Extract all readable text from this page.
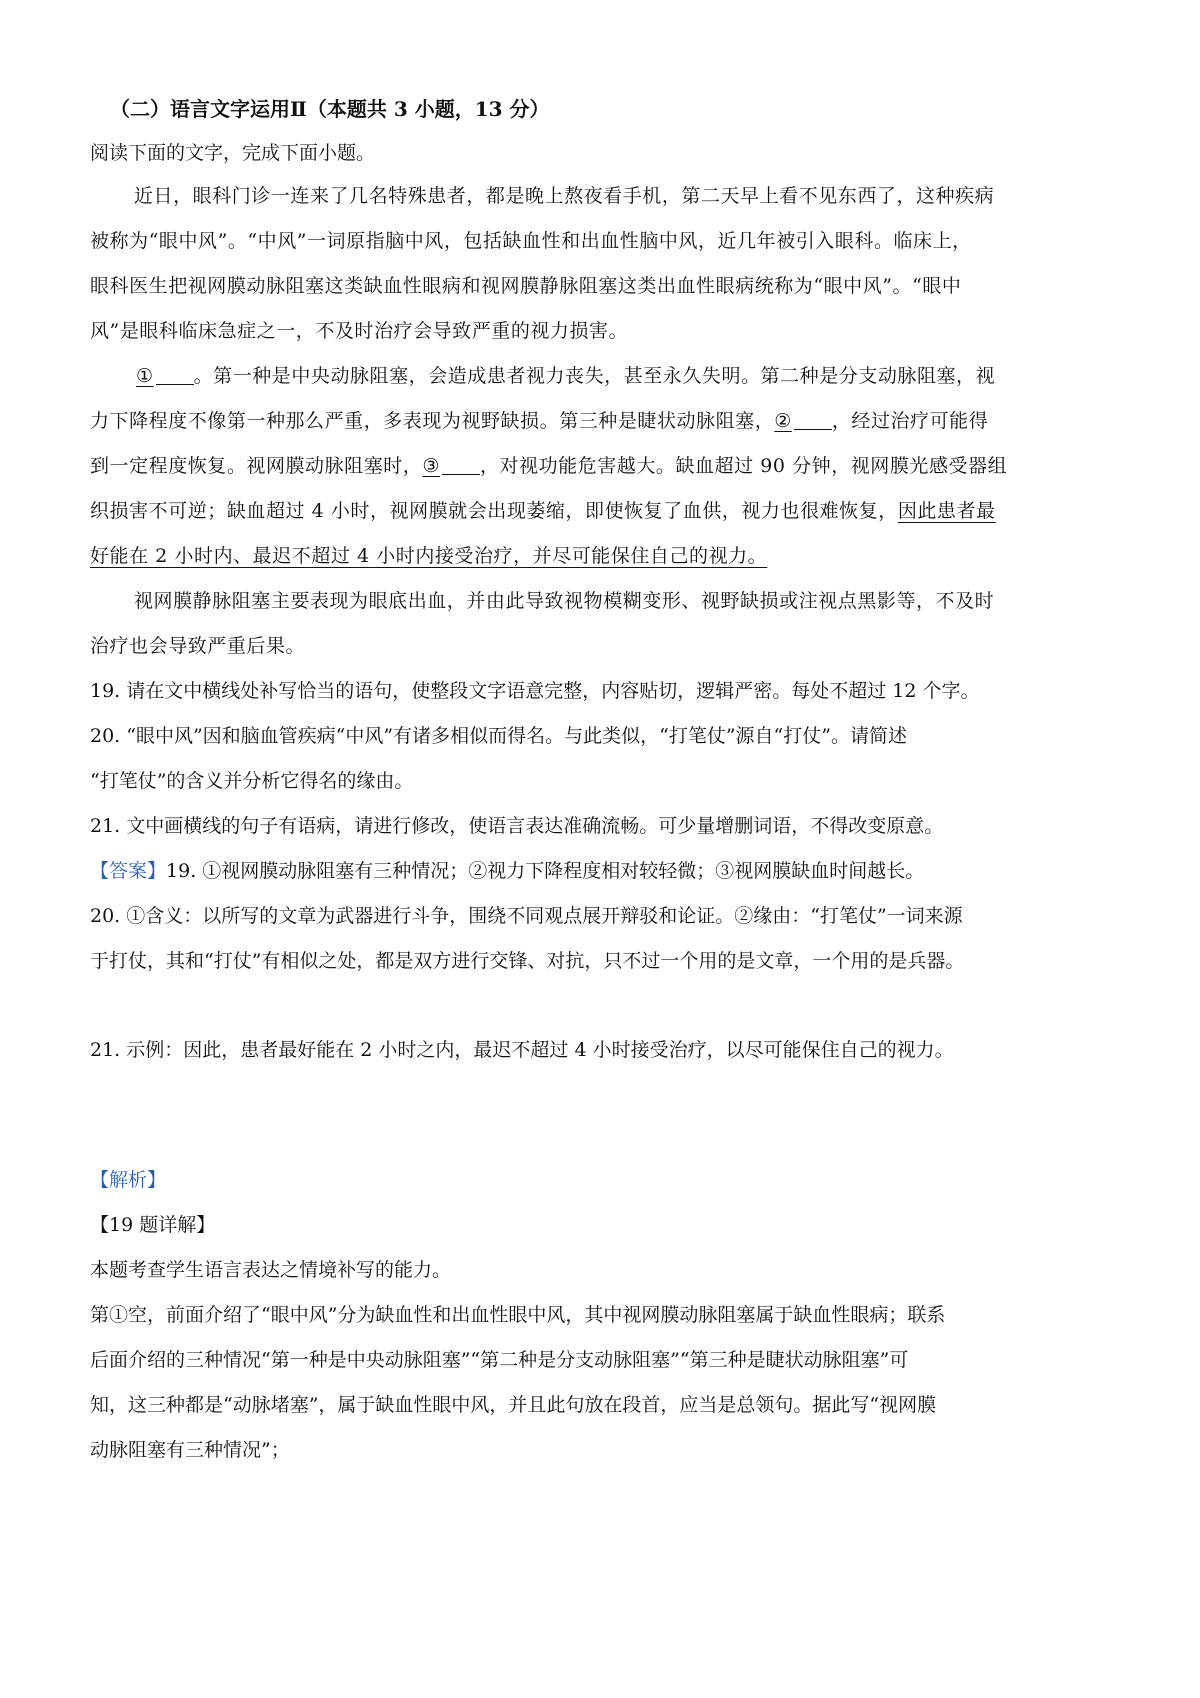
（二）语言文字运用Ⅱ（本题共 3 小题，13 分）
阅读下面的文字，完成下面小题。
近日，眼科门诊一连来了几名特殊患者，都是晚上熬夜看手机，第二天早上看不见东西了，这种疾病
被称为“眼中风”。“中风”一词原指脑中风，包括缺血性和出血性脑中风，近几年被引入眼科。临床上，
眼科医生把视网膜动脉阻塞这类缺血性眼病和视网膜静脉阻塞这类出血性眼病统称为“眼中风”。“眼中
风”是眼科临床急症之一，不及时治疗会导致严重的视力损害。
① 。第一种是中央动脉阻塞，会造成患者视力丧失，甚至永久失明。第二种是分支动脉阻塞，视
力下降程度不像第一种那么严重，多表现为视野缺损。第三种是睫状动脉阻塞，② ，经过治疗可能得
到一定程度恢复。视网膜动脉阻塞时，③ ，对视功能危害越大。缺血超过 90 分钟，视网膜光感受器组
织损害不可逆；缺血超过 4 小时，视网膜就会出现萎缩，即使恢复了血供，视力也很难恢复，因此患者最
好能在 2 小时内、最迟不超过 4 小时内接受治疗，并尽可能保住自己的视力。
视网膜静脉阻塞主要表现为眼底出血，并由此导致视物模糊变形、视野缺损或注视点黑影等，不及时
治疗也会导致严重后果。
19. 请在文中横线处补写恰当的语句，使整段文字语意完整，内容贴切，逻辑严密。每处不超过 12 个字。
20. “眼中风”因和脑血管疾病“中风”有诸多相似而得名。与此类似，“打笔仗”源自“打仗”。请简述
“打笔仗”的含义并分析它得名的缘由。
21. 文中画横线的句子有语病，请进行修改，使语言表达准确流畅。可少量增删词语，不得改变原意。
【答案】19. ①视网膜动脉阻塞有三种情况；②视力下降程度相对较轻微；③视网膜缺血时间越长。
20. ①含义：以所写的文章为武器进行斗争，围绕不同观点展开辩驳和论证。②缘由：“打笔仗”一词来源
于打仗，其和“打仗”有相似之处，都是双方进行交锋、对抗，只不过一个用的是文章，一个用的是兵器。
21. 示例：因此，患者最好能在 2 小时之内，最迟不超过 4 小时接受治疗，以尽可能保住自己的视力。
【解析】
【19 题详解】
本题考查学生语言表达之情境补写的能力。
第①空，前面介绍了“眼中风”分为缺血性和出血性眼中风，其中视网膜动脉阻塞属于缺血性眼病；联系
后面介绍的三种情况“第一种是中央动脉阻塞”“第二种是分支动脉阻塞”“第三种是睫状动脉阻塞”可
知，这三种都是“动脉堵塞”，属于缺血性眼中风，并且此句放在段首，应当是总领句。据此写“视网膜
动脉阻塞有三种情况”；
